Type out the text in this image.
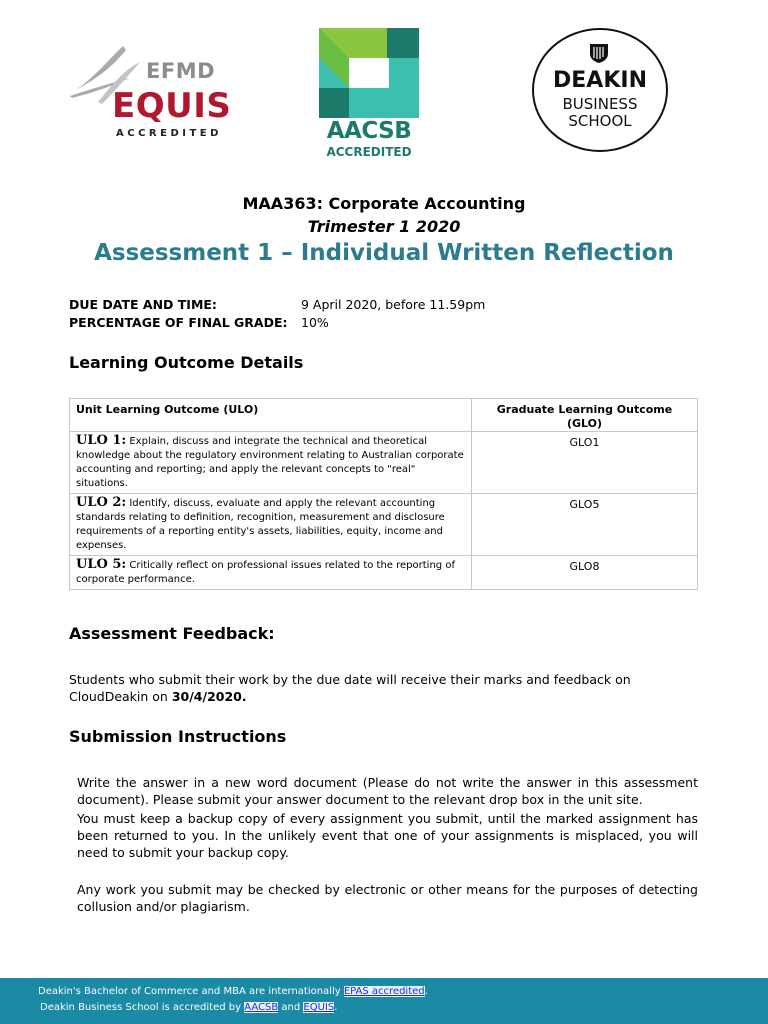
EFMD
EQUIS
ACCREDITED	AACSB
ACCREDITED
DEAKIN
BUSINESS
SCHOOL
MAA363: Corporate Accounting
Trimester 1 2020
Assessment 1 – Individual Written Reflection
DUE DATE AND TIME:	9 April 2020, before 11.59pm
PERCENTAGE OF FINAL GRADE: 10%
Learning Outcome Details
Unit Learning Outcome (ULO)	Graduate Learning Outcome (GLO)
ULO 1: Explain, discuss and integrate the technical and theoretical knowledge about the regulatory environment relating to Australian corporate accounting and reporting; and apply the relevant concepts to "real" situations.	GLO1
ULO 2: Identify, discuss, evaluate and apply the relevant accounting standards relating to definition, recognition, measurement and disclosure requirements of a reporting entity's assets, liabilities, equity, income and expenses.	GLO5
ULO 5: Critically reflect on professional issues related to the reporting of corporate performance.	GLO8
Assessment Feedback:
Students who submit their work by the due date will receive their marks and feedback on CloudDeakin on 30/4/2020.
Submission Instructions
Write the answer in a new word document (Please do not write the answer in this assessment document). Please submit your answer document to the relevant drop box in the unit site.
You must keep a backup copy of every assignment you submit, until the marked assignment has been returned to you. In the unlikely event that one of your assignments is misplaced, you will need to submit your backup copy.
Any work you submit may be checked by electronic or other means for the purposes of detecting collusion and/or plagiarism.
Deakin's Bachelor of Commerce and MBA are internationally EPAS accredited.
Deakin Business School is accredited by AACSB and EQUIS.
